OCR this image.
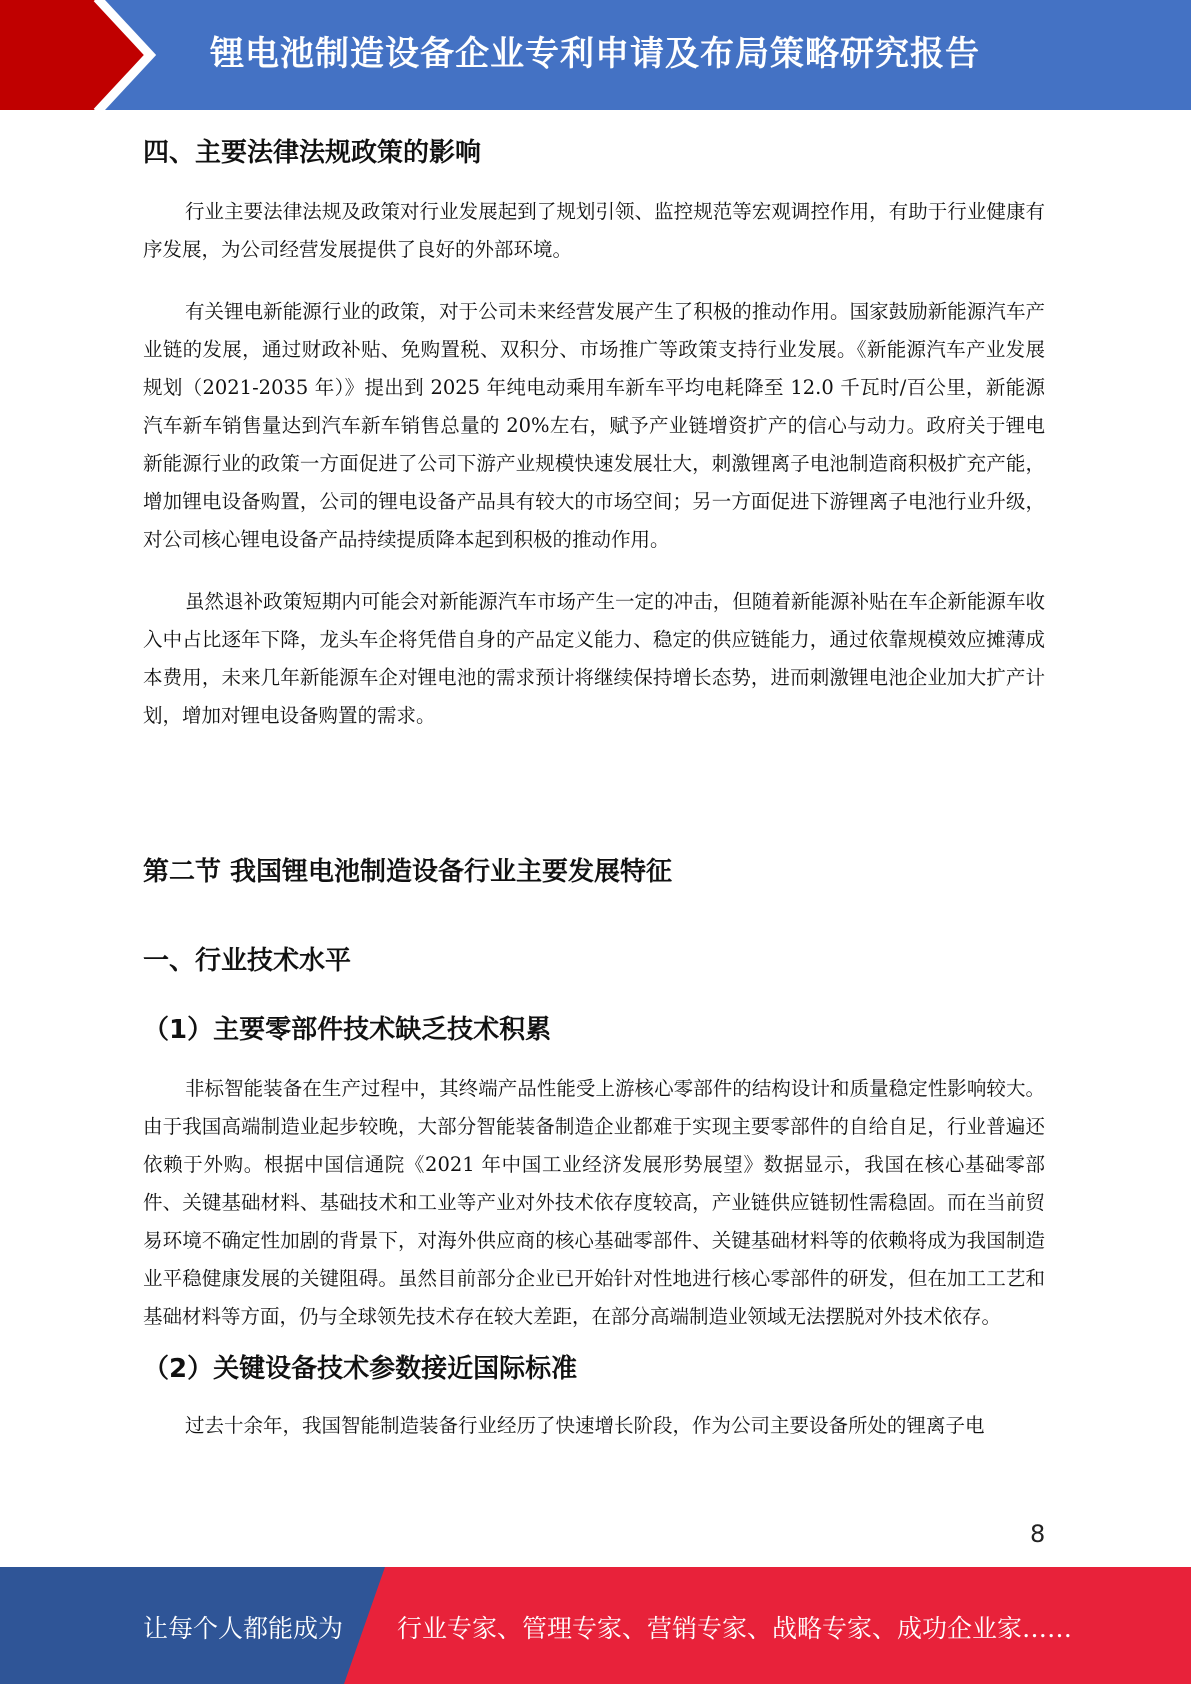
锂电池制造设备企业专利申请及布局策略研究报告
四、主要法律法规政策的影响

行业主要法律法规及政策对行业发展起到了规划引领、监控规范等宏观调控作用，有助于行业健康有序发展，为公司经营发展提供了良好的外部环境。

有关锂电新能源行业的政策，对于公司未来经营发展产生了积极的推动作用。国家鼓励新能源汽车产业链的发展，通过财政补贴、免购置税、双积分、市场推广等政策支持行业发展。《新能源汽车产业发展规划（2021-2035 年）》提出到 2025 年纯电动乘用车新车平均电耗降至 12.0 千瓦时/百公里，新能源汽车新车销售量达到汽车新车销售总量的 20%左右，赋予产业链增资扩产的信心与动力。政府关于锂电新能源行业的政策一方面促进了公司下游产业规模快速发展壮大，刺激锂离子电池制造商积极扩充产能，增加锂电设备购置，公司的锂电设备产品具有较大的市场空间；另一方面促进下游锂离子电池行业升级，对公司核心锂电设备产品持续提质降本起到积极的推动作用。

虽然退补政策短期内可能会对新能源汽车市场产生一定的冲击，但随着新能源补贴在车企新能源车收入中占比逐年下降，龙头车企将凭借自身的产品定义能力、稳定的供应链能力，通过依靠规模效应摊薄成本费用，未来几年新能源车企对锂电池的需求预计将继续保持增长态势，进而刺激锂电池企业加大扩产计划，增加对锂电设备购置的需求。

第二节 我国锂电池制造设备行业主要发展特征
一、行业技术水平
（1）主要零部件技术缺乏技术积累

非标智能装备在生产过程中，其终端产品性能受上游核心零部件的结构设计和质量稳定性影响较大。由于我国高端制造业起步较晚，大部分智能装备制造企业都难于实现主要零部件的自给自足，行业普遍还依赖于外购。根据中国信通院《2021 年中国工业经济发展形势展望》数据显示，我国在核心基础零部件、关键基础材料、基础技术和工业等产业对外技术依存度较高，产业链供应链韧性需稳固。而在当前贸易环境不确定性加剧的背景下，对海外供应商的核心基础零部件、关键基础材料等的依赖将成为我国制造业平稳健康发展的关键阻碍。虽然目前部分企业已开始针对性地进行核心零部件的研发，但在加工工艺和基础材料等方面，仍与全球领先技术存在较大差距，在部分高端制造业领域无法摆脱对外技术依存。

（2）关键设备技术参数接近国际标准

过去十余年，我国智能制造装备行业经历了快速增长阶段，作为公司主要设备所处的锂离子电

8
让每个人都能成为 行业专家、管理专家、营销专家、战略专家、成功企业家……
